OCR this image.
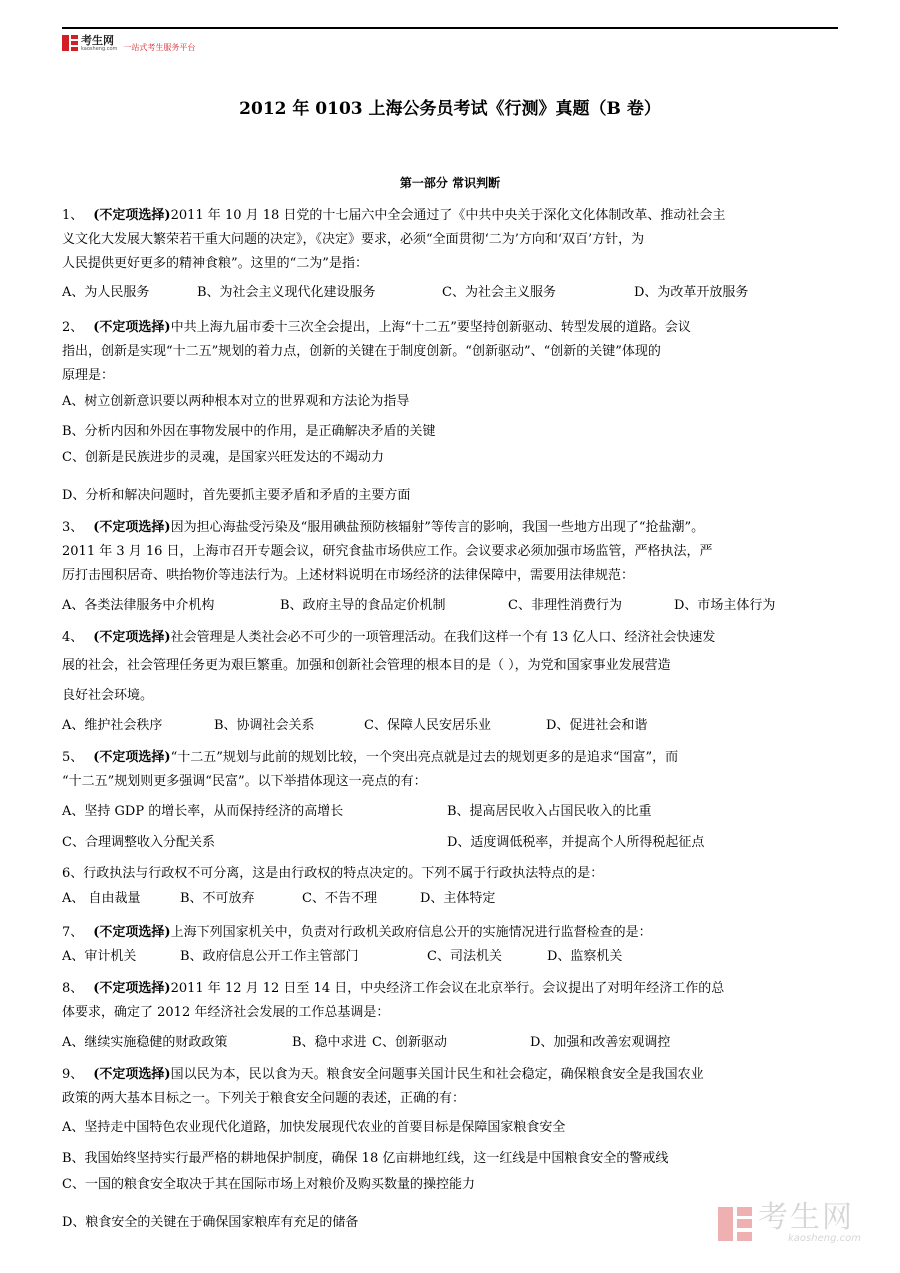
考生网
kaosheng.com 一站式考生服务平台
2012 年 0103 上海公务员考试《行测》真题（B 卷）
第一部分 常识判断
1、 (不定项选择)2011 年 10 月 18 日党的十七届六中全会通过了《中共中央关于深化文化体制改革、推动社会主
义文化大发展大繁荣若干重大问题的决定》，《决定》要求，必须“全面贯彻‘二为’方向和‘双百’方针，为
人民提供更好更多的精神食粮”。这里的“二为”是指：
A、为人民服务	B、为社会主义现代化建设服务	C、为社会主义服务	D、为改革开放服务
2、 (不定项选择)中共上海九届市委十三次全会提出，上海“十二五”要坚持创新驱动、转型发展的道路。会议
指出，创新是实现“十二五”规划的着力点，创新的关键在于制度创新。“创新驱动”、“创新的关键”体现的
原理是：
A、树立创新意识要以两种根本对立的世界观和方法论为指导
B、分析内因和外因在事物发展中的作用，是正确解决矛盾的关键
C、创新是民族进步的灵魂，是国家兴旺发达的不竭动力
D、分析和解决问题时，首先要抓主要矛盾和矛盾的主要方面
3、 (不定项选择)因为担心海盐受污染及“服用碘盐预防核辐射”等传言的影响，我国一些地方出现了“抢盐潮”。
2011 年 3 月 16 日，上海市召开专题会议，研究食盐市场供应工作。会议要求必须加强市场监管，严格执法，严
厉打击囤积居奇、哄抬物价等违法行为。上述材料说明在市场经济的法律保障中，需要用法律规范：
A、各类法律服务中介机构	B、政府主导的食品定价机制	C、非理性消费行为	D、市场主体行为
4、 (不定项选择)社会管理是人类社会必不可少的一项管理活动。在我们这样一个有 13 亿人口、经济社会快速发
展的社会，社会管理任务更为艰巨繁重。加强和创新社会管理的根本目的是（ ），为党和国家事业发展营造
良好社会环境。
A、维护社会秩序	B、协调社会关系	C、保障人民安居乐业	D、促进社会和谐
5、 (不定项选择)“十二五”规划与此前的规划比较，一个突出亮点就是过去的规划更多的是追求“国富”，而
“十二五”规划则更多强调“民富”。以下举措体现这一亮点的有：
A、坚持 GDP 的增长率，从而保持经济的高增长	B、提高居民收入占国民收入的比重
C、合理调整收入分配关系	D、适度调低税率，并提高个人所得税起征点
6、行政执法与行政权不可分离，这是由行政权的特点决定的。下列不属于行政执法特点的是：
A、 自由裁量	B、不可放弃	C、不告不理	D、主体特定
7、 (不定项选择)上海下列国家机关中，负责对行政机关政府信息公开的实施情况进行监督检查的是：
A、审计机关	B、政府信息公开工作主管部门	C、司法机关	D、监察机关
8、 (不定项选择)2011 年 12 月 12 日至 14 日，中央经济工作会议在北京举行。会议提出了对明年经济工作的总
体要求，确定了 2012 年经济社会发展的工作总基调是：
A、继续实施稳健的财政政策	B、稳中求进 C、创新驱动	D、加强和改善宏观调控
9、 (不定项选择)国以民为本，民以食为天。粮食安全问题事关国计民生和社会稳定，确保粮食安全是我国农业
政策的两大基本目标之一。下列关于粮食安全问题的表述，正确的有：
A、坚持走中国特色农业现代化道路，加快发展现代农业的首要目标是保障国家粮食安全
B、我国始终坚持实行最严格的耕地保护制度，确保 18 亿亩耕地红线，这一红线是中国粮食安全的警戒线
C、一国的粮食安全取决于其在国际市场上对粮价及购买数量的操控能力
D、粮食安全的关键在于确保国家粮库有充足的储备	考生网
kaosheng.com
